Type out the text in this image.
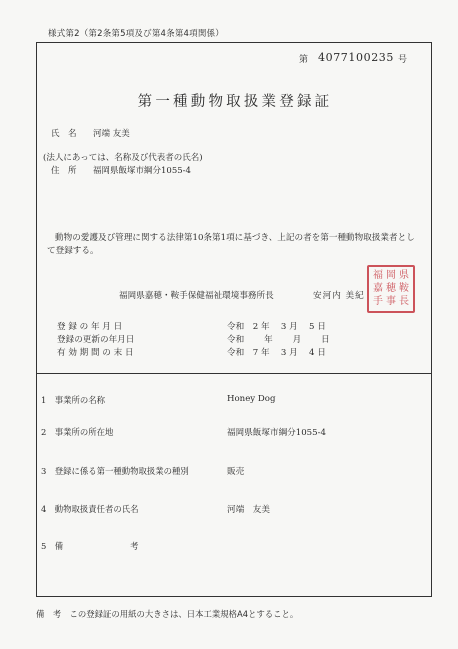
様式第2（第2条第5項及び第4条第4項関係）
第 4077100235 号
第一種動物取扱業登録証
氏　名 河端 友美
(法人にあっては、名称及び代表者の氏名)
住　所 福岡県飯塚市綱分1055-4
動物の愛護及び管理に関する法律第10条第1項に基づき、上記の者を第一種動物取扱業者として登録する。
福岡県嘉穂・鞍手保健福祉環境事務所長	安河内 美紀
福 岡 県
嘉 穂 鞍
手 事 長
登 録 の 年 月 日	令和　2 年　 3 月　 5 日
登録の更新の年月日	令和　　 年　　 月　　 日
有 効 期 間 の 末 日	令和　7 年　 3 月　 4 日
1　事業所の名称	Honey Dog
2　事業所の所在地	福岡県飯塚市綱分1055-4
3　登録に係る第一種動物取扱業の種別	販売
4　動物取扱責任者の氏名	河端　友美
5　備　　　　　　　　考
備　考　この登録証の用紙の大きさは、日本工業規格A4とすること。
